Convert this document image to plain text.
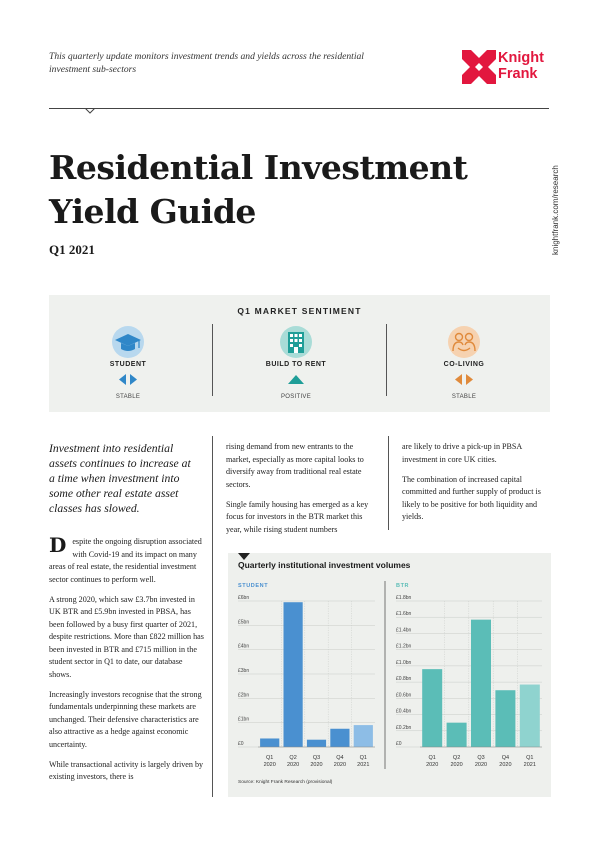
This quarterly update monitors investment trends and yields across the residential investment sub-sectors
Knight
Frank
Residential Investment
Yield Guide
Q1 2021	knightfrank.com/research
Q1 MARKET SENTIMENT
STUDENT
STABLE
BUILD TO RENT
POSITIVE
CO-LIVING
STABLE
Investment into residential assets continues to increase at a time when investment into some other real estate asset classes has slowed.

Despite the ongoing disruption associated with Covid-19 and its impact on many areas of real estate, the residential investment sector continues to perform well.

A strong 2020, which saw £3.7bn invested in UK BTR and £5.9bn invested in PBSA, has been followed by a busy first quarter of 2021, despite restrictions. More than £822 million has been invested in BTR and £715 million in the student sector in Q1 to date, our database shows.

Increasingly investors recognise that the strong fundamentals underpinning these markets are unchanged. Their defensive characteristics are also attractive as a hedge against economic uncertainty.

While transactional activity is largely driven by existing investors, there is

rising demand from new entrants to the market, especially as more capital looks to diversify away from traditional real estate sectors.

Single family housing has emerged as a key focus for investors in the BTR market this year, while rising student numbers

are likely to drive a pick-up in PBSA investment in core UK cities.

The combination of increased capital committed and further supply of product is likely to be positive for both liquidity and yields.

Quarterly institutional investment volumes
STUDENT
£0
£1bn
£2bn
£3bn
£4bn
£5bn
£6bn
Q1
2020
Q2
2020
Q3
2020
Q4
2020
Q1
2021
BTR
£0
£0.2bn
£0.4bn
£0.6bn
£0.8bn
£1.0bn
£1.2bn
£1.4bn
£1.6bn
£1.8bn
Q1
2020
Q2
2020
Q3
2020
Q4
2020
Q1
2021
Source: Knight Frank Research (provisional)
